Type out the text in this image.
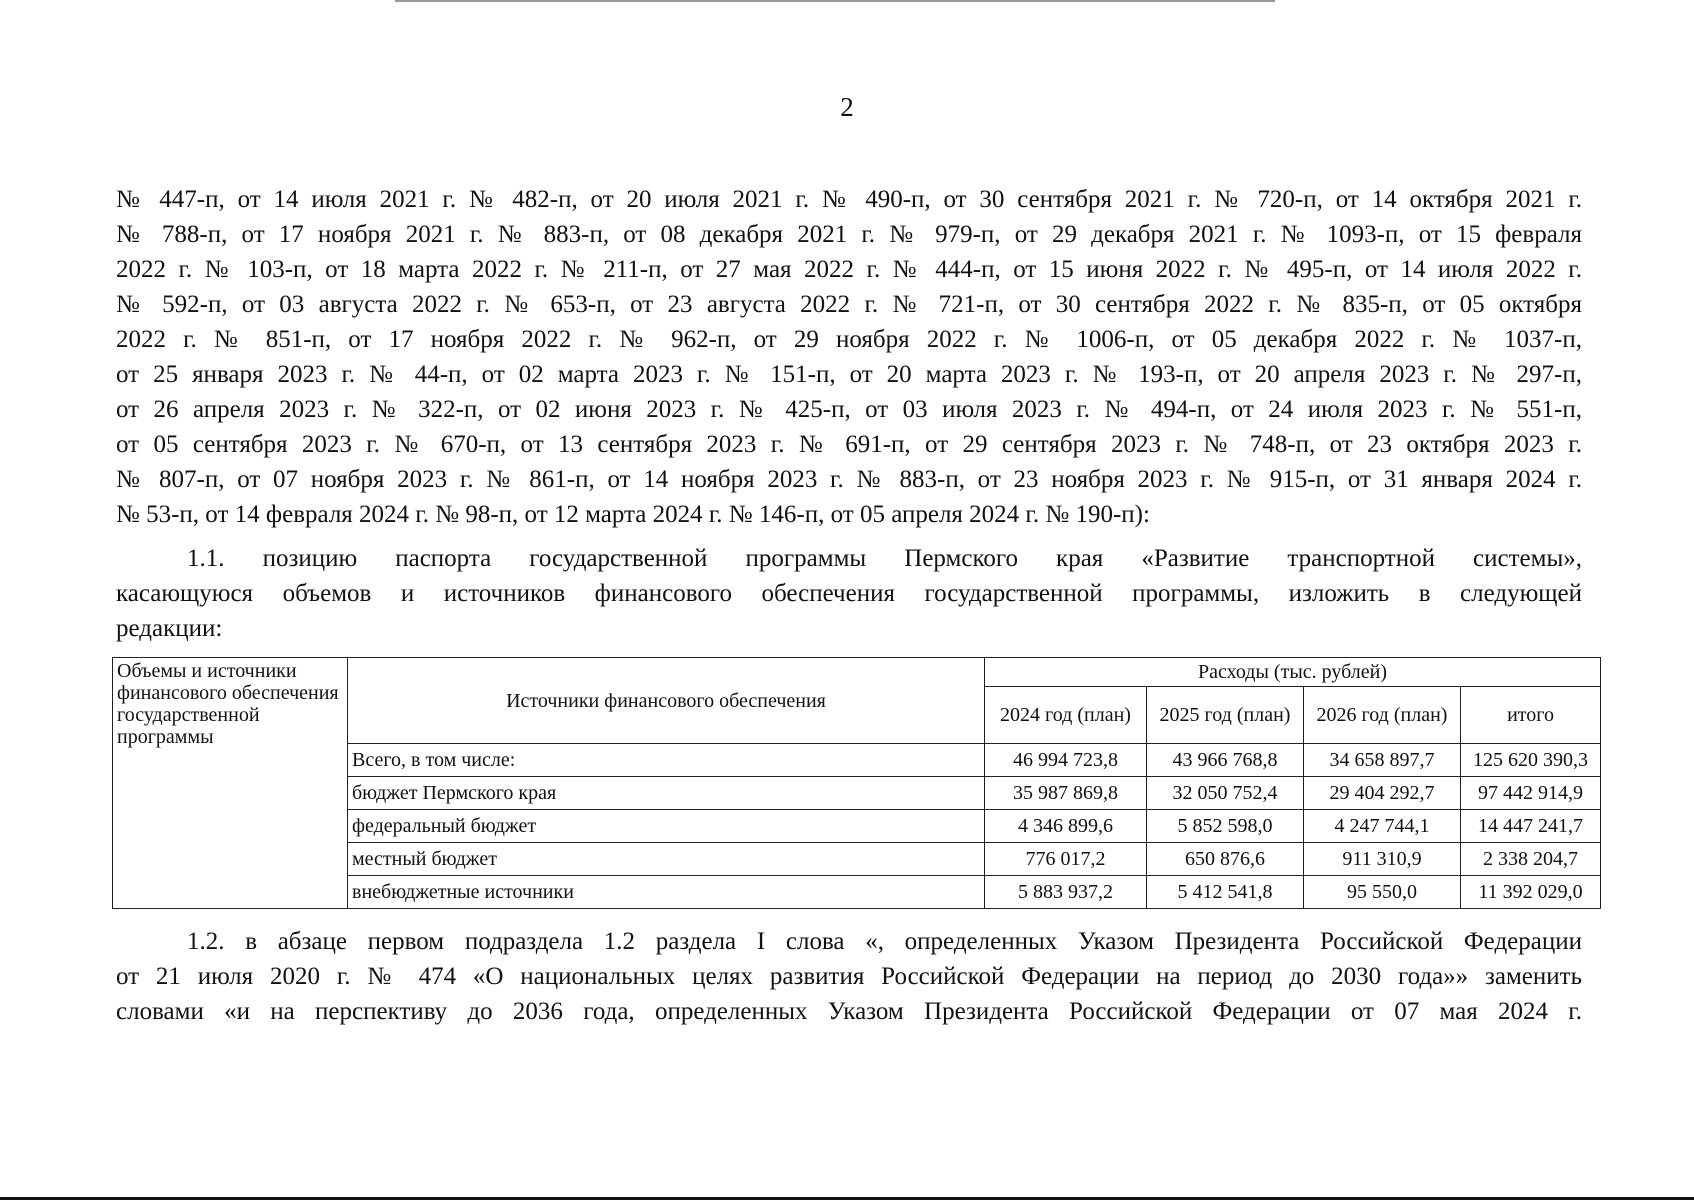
2
№ 447-п, от 14 июля 2021 г. № 482-п, от 20 июля 2021 г. № 490-п, от 30 сентября 2021 г. № 720-п, от 14 октября 2021 г.
№ 788-п, от 17 ноября 2021 г. № 883-п, от 08 декабря 2021 г. № 979-п, от 29 декабря 2021 г. № 1093-п, от 15 февраля
2022 г. № 103-п, от 18 марта 2022 г. № 211-п, от 27 мая 2022 г. № 444-п, от 15 июня 2022 г. № 495-п, от 14 июля 2022 г.
№ 592-п, от 03 августа 2022 г. № 653-п, от 23 августа 2022 г. № 721-п, от 30 сентября 2022 г. № 835-п, от 05 октября
2022 г. № 851-п, от 17 ноября 2022 г. № 962-п, от 29 ноября 2022 г. № 1006-п, от 05 декабря 2022 г. № 1037-п,
от 25 января 2023 г. № 44-п, от 02 марта 2023 г. № 151-п, от 20 марта 2023 г. № 193-п, от 20 апреля 2023 г. № 297-п,
от 26 апреля 2023 г. № 322-п, от 02 июня 2023 г. № 425-п, от 03 июля 2023 г. № 494-п, от 24 июля 2023 г. № 551-п,
от 05 сентября 2023 г. № 670-п, от 13 сентября 2023 г. № 691-п, от 29 сентября 2023 г. № 748-п, от 23 октября 2023 г.
№ 807-п, от 07 ноября 2023 г. № 861-п, от 14 ноября 2023 г. № 883-п, от 23 ноября 2023 г. № 915-п, от 31 января 2024 г.
№ 53-п, от 14 февраля 2024 г. № 98-п, от 12 марта 2024 г. № 146-п, от 05 апреля 2024 г. № 190-п):
1.1. позицию паспорта государственной программы Пермского края «Развитие транспортной системы»,
касающуюся объемов и источников финансового обеспечения государственной программы, изложить в следующей
редакции:
Объемы и источники финансового обеспечения государственной программы	Источники финансового обеспечения	Расходы (тыс. рублей)			
		2024 год (план)	2025 год (план)	2026 год (план)	итого
	Всего, в том числе:	46 994 723,8	43 966 768,8	34 658 897,7	125 620 390,3
	бюджет Пермского края	35 987 869,8	32 050 752,4	29 404 292,7	97 442 914,9
	федеральный бюджет	4 346 899,6	5 852 598,0	4 247 744,1	14 447 241,7
	местный бюджет	776 017,2	650 876,6	911 310,9	2 338 204,7
	внебюджетные источники	5 883 937,2	5 412 541,8	95 550,0	11 392 029,0
1.2. в абзаце первом подраздела 1.2 раздела I слова «, определенных Указом Президента Российской Федерации
от 21 июля 2020 г. № 474 «О национальных целях развития Российской Федерации на период до 2030 года»» заменить
словами «и на перспективу до 2036 года, определенных Указом Президента Российской Федерации от 07 мая 2024 г.
